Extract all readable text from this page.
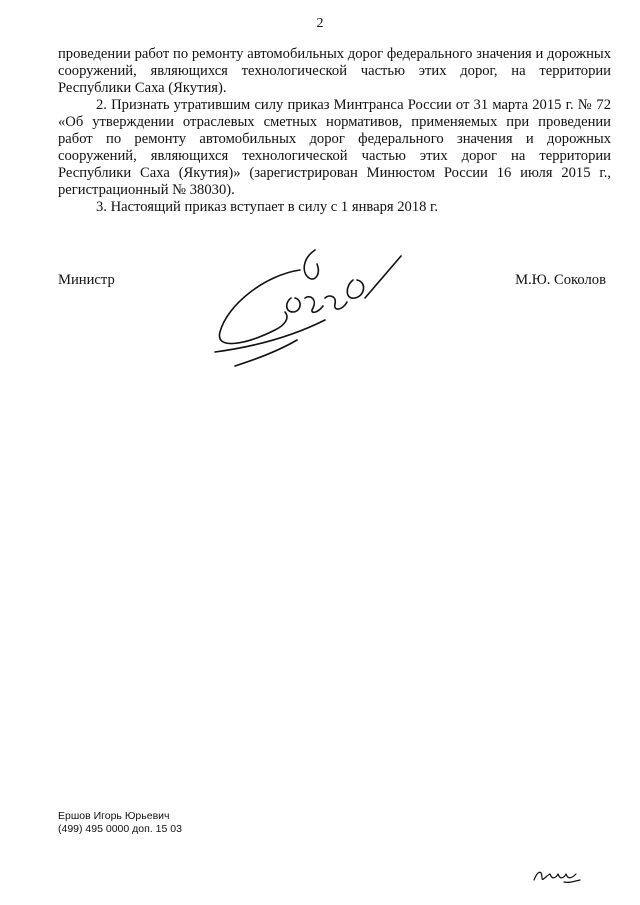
2

проведении работ по ремонту автомобильных дорог федерального значения и дорожных сооружений, являющихся технологической частью этих дорог, на территории Республики Саха (Якутия).

2. Признать утратившим силу приказ Минтранса России от 31 марта 2015 г. № 72 «Об утверждении отраслевых сметных нормативов, применяемых при проведении работ по ремонту автомобильных дорог федерального значения и дорожных сооружений, являющихся технологической частью этих дорог на территории Республики Саха (Якутия)» (зарегистрирован Минюстом России 16 июля 2015 г., регистрационный № 38030).

3. Настоящий приказ вступает в силу с 1 января 2018 г.

Министр	М.Ю. Соколов
Ершов Игорь Юрьевич
(499) 495 0000 доп. 15 03
